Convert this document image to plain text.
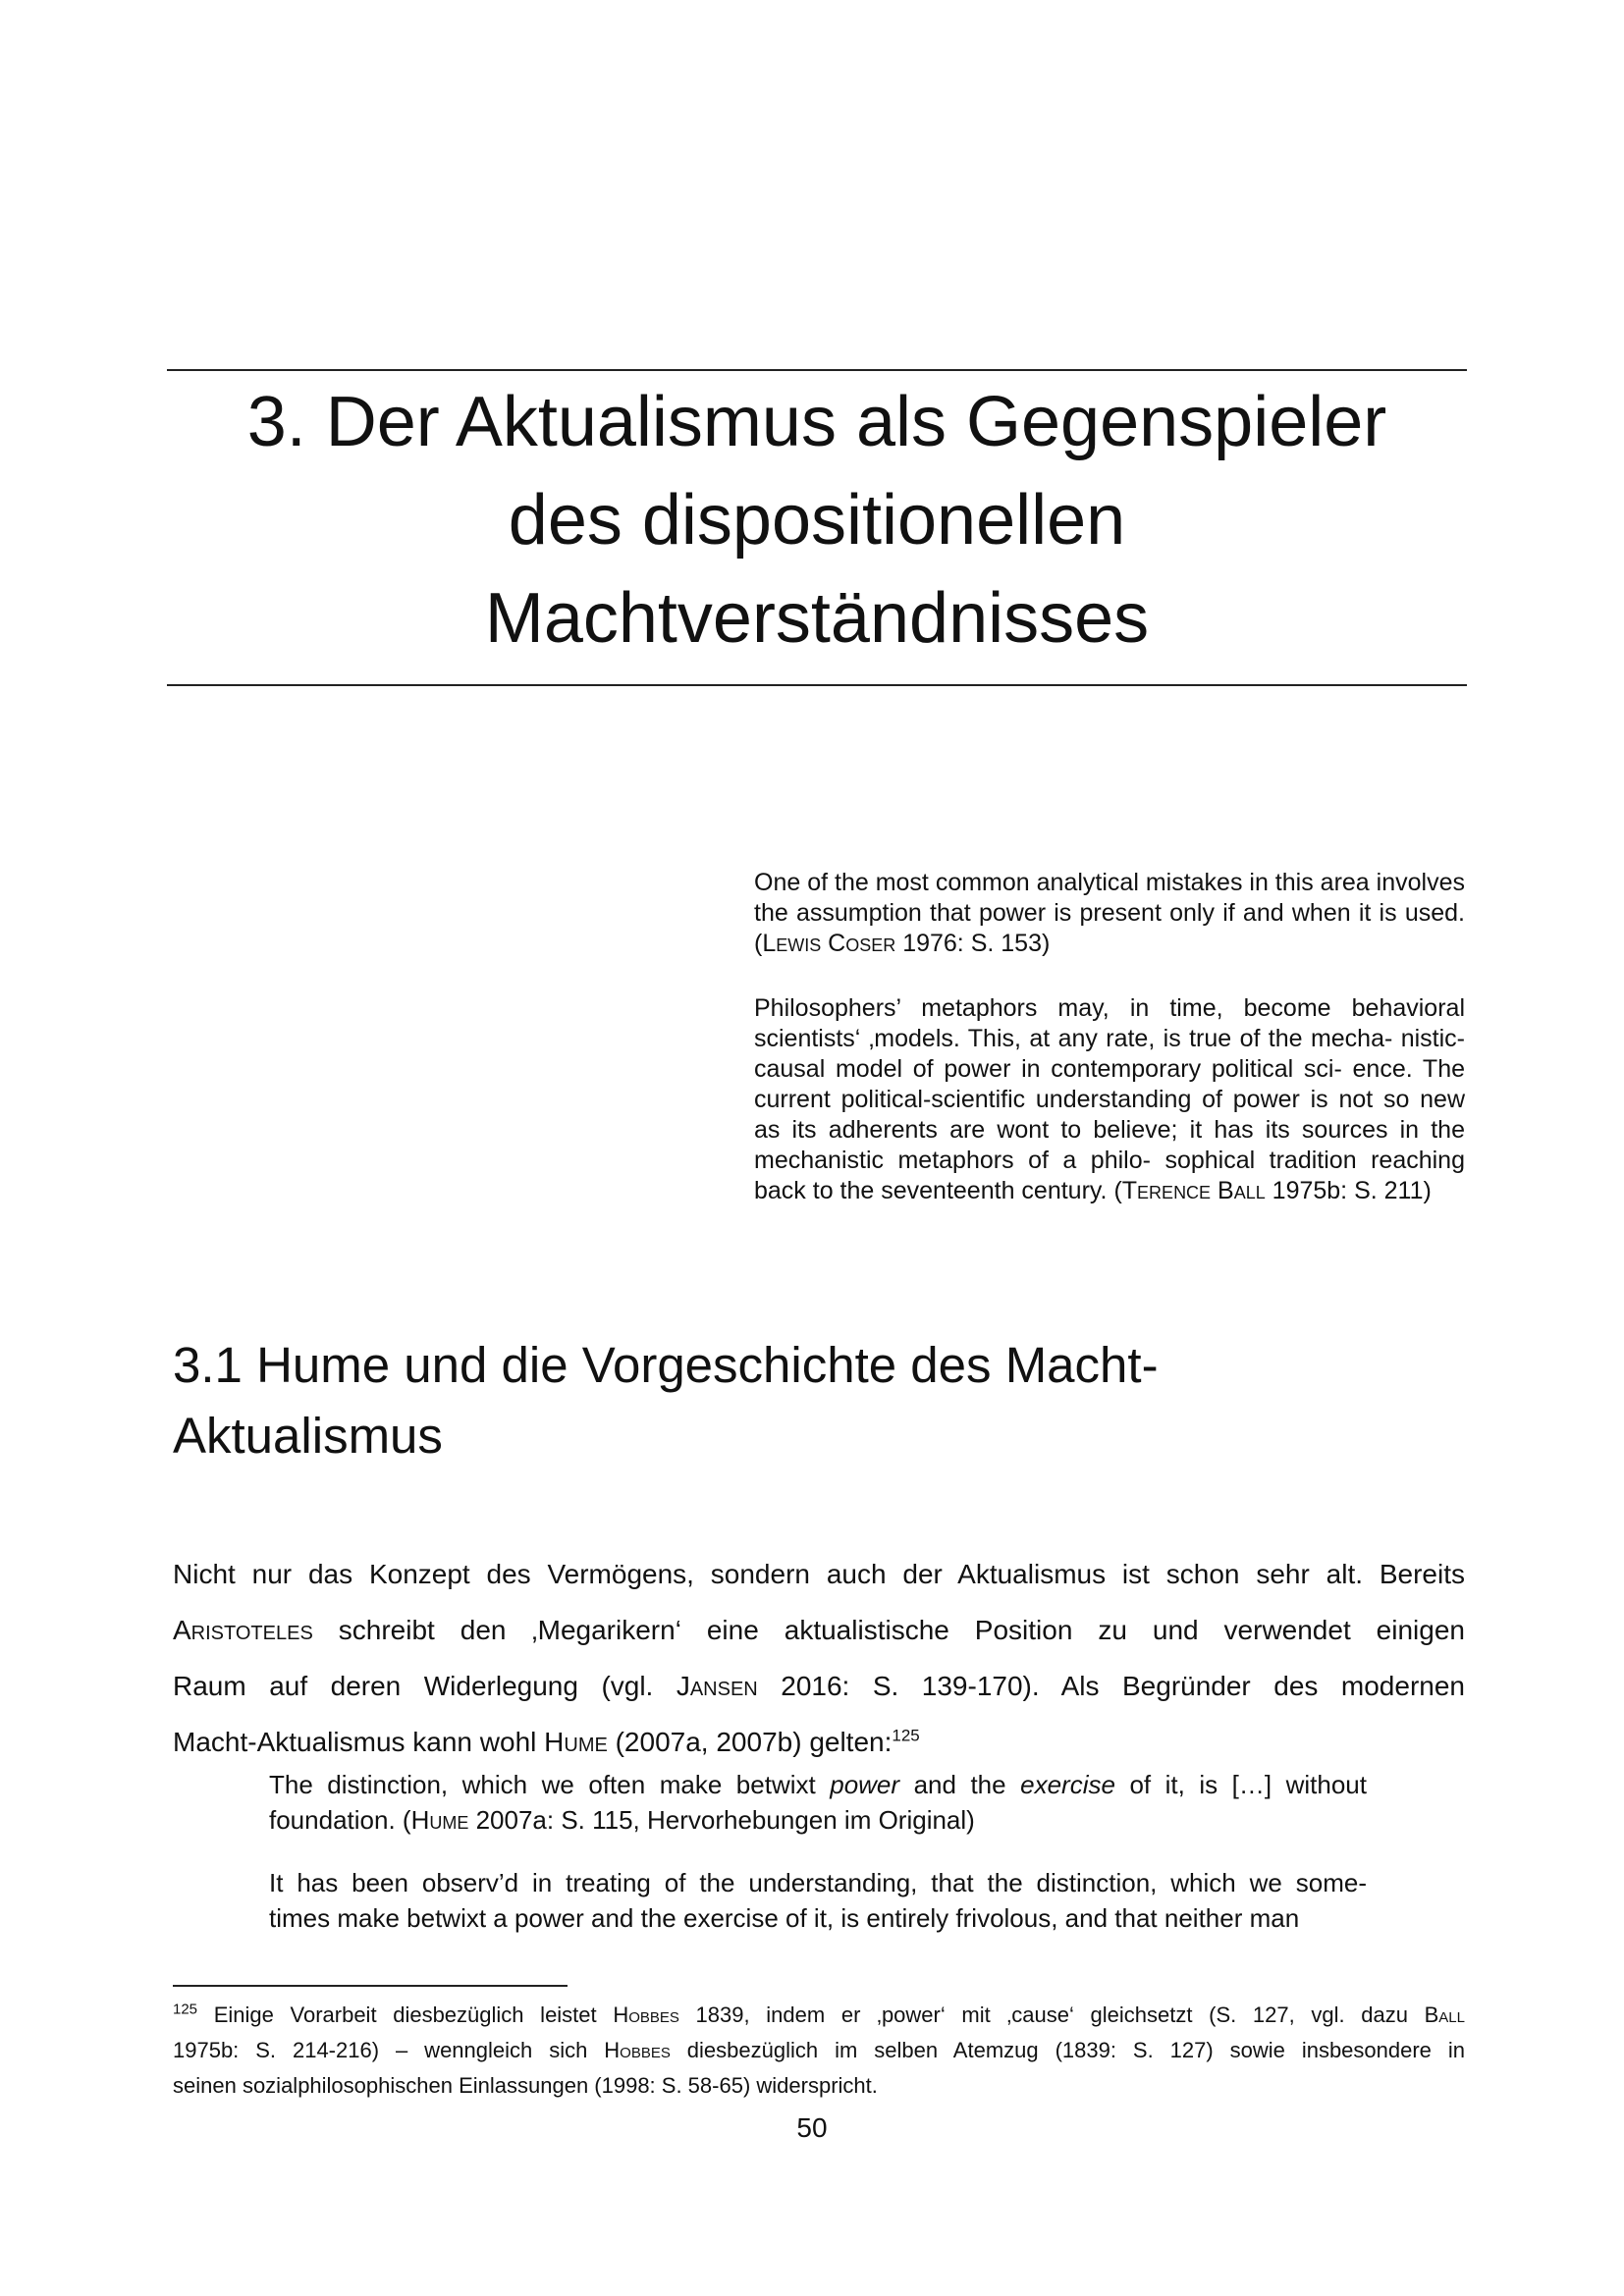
3. Der Aktualismus als Gegenspieler
des dispositionellen
Machtverständnisses

One of the most common analytical mistakes in this area involves the assumption that power is present only if and when it is used. (Lewis Coser 1976: S. 153)

Philosophers’ metaphors may, in time, become behavioral scientists‘ ‚models. This, at any rate, is true of the mecha- nistic-causal model of power in contemporary political sci- ence. The current political-scientific understanding of power is not so new as its adherents are wont to believe; it has its sources in the mechanistic metaphors of a philo- sophical tradition reaching back to the seventeenth century. (Terence Ball 1975b: S. 211)

3.1 Hume und die Vorgeschichte des Macht-
Aktualismus

Nicht nur das Konzept des Vermögens, sondern auch der Aktualismus ist schon sehr alt. Bereits
Aristoteles schreibt den ‚Megarikern‘ eine aktualistische Position zu und verwendet einigen
Raum auf deren Widerlegung (vgl. Jansen 2016: S. 139-170). Als Begründer des modernen
Macht-Aktualismus kann wohl Hume (2007a, 2007b) gelten:$^{125}$

The distinction, which we often make betwixt power and the exercise of it, is […] without
foundation. (Hume 2007a: S. 115, Hervorhebungen im Original)

It has been observ’d in treating of the understanding, that the distinction, which we some-
times make betwixt a power and the exercise of it, is entirely frivolous, and that neither man

$^{125}$ Einige Vorarbeit diesbezüglich leistet Hobbes 1839, indem er ‚power‘ mit ‚cause‘ gleichsetzt (S. 127, vgl. dazu Ball
1975b: S. 214-216) – wenngleich sich Hobbes diesbezüglich im selben Atemzug (1839: S. 127) sowie insbesondere in
seinen sozialphilosophischen Einlassungen (1998: S. 58-65) widerspricht.

50
